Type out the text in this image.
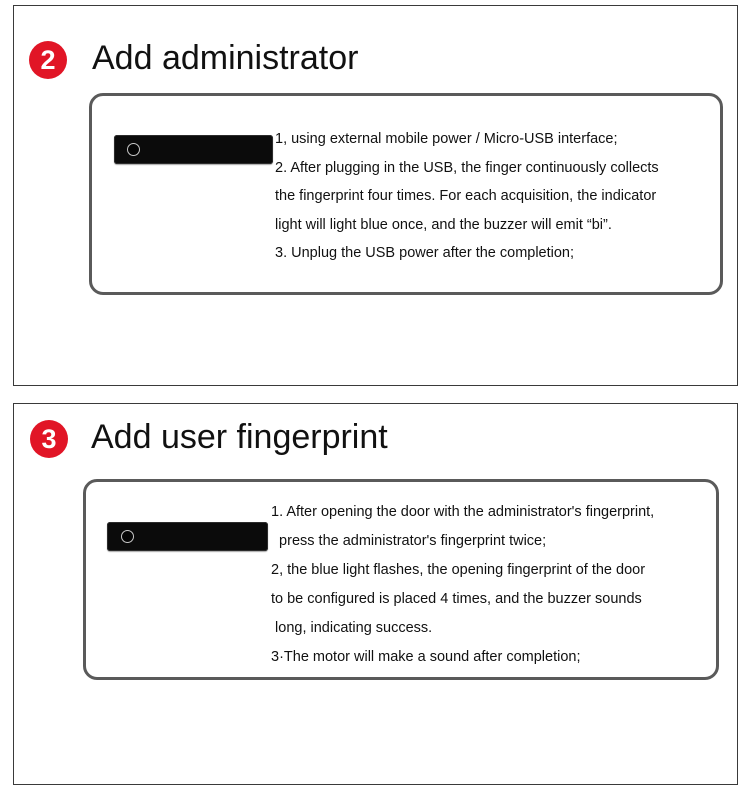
2	Add administrator

1, using external mobile power / Micro-USB interface;

2. After plugging in the USB, the finger continuously collects

the fingerprint four times. For each acquisition, the indicator

light will light blue once, and the buzzer will emit “bi”.

3. Unplug the USB power after the completion;

3	Add user fingerprint

1. After opening the door with the administrator's fingerprint,

press the administrator's fingerprint twice;

2, the blue light flashes, the opening fingerprint of the door

to be configured is placed 4 times, and the buzzer sounds

long, indicating success.

3·The motor will make a sound after completion;
